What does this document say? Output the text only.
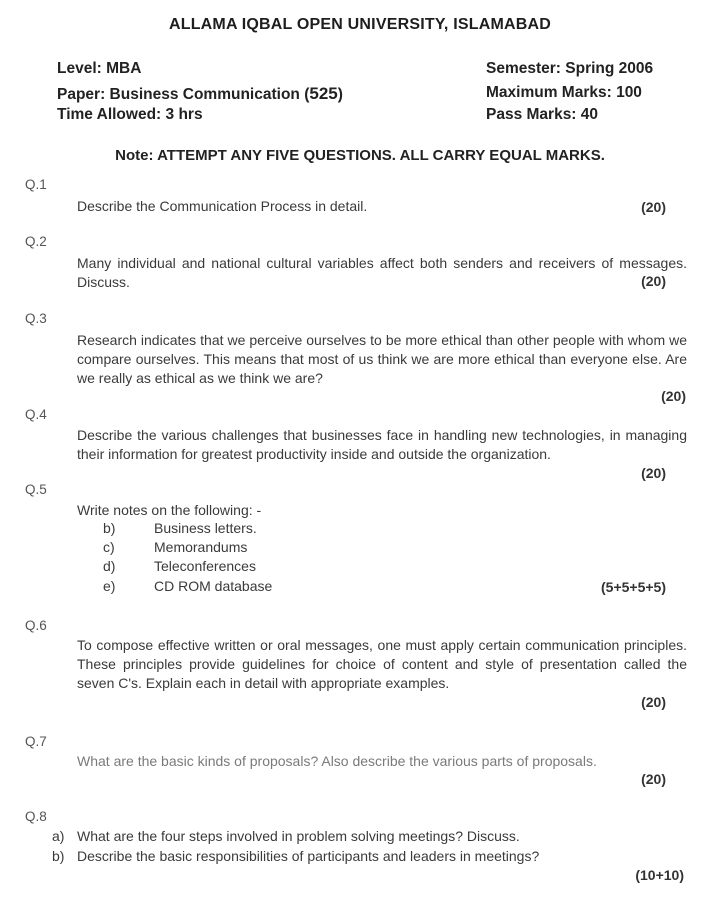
ALLAMA IQBAL OPEN UNIVERSITY, ISLAMABAD
Level: MBA
Paper: Business Communication (525)
Time Allowed: 3 hrs
Semester: Spring 2006
Maximum Marks: 100
Pass Marks: 40
Note: ATTEMPT ANY FIVE QUESTIONS. ALL CARRY EQUAL MARKS.
Q.1
Describe the Communication Process in detail.	(20)
Q.2
Many individual and national cultural variables affect both senders and receivers of messages. Discuss.	(20)
Q.3
Research indicates that we perceive ourselves to be more ethical than other people with whom we compare ourselves. This means that most of us think we are more ethical than everyone else. Are we really as ethical as we think we are?
(20)
Q.4
Describe the various challenges that businesses face in handling new technologies, in managing their information for greatest productivity inside and outside the organization.
(20)
Q.5
Write notes on the following: -
b)	Business letters.
c)	Memorandums
d)	Teleconferences
e)	CD ROM database	(5+5+5+5)
Q.6
To compose effective written or oral messages, one must apply certain communication principles. These principles provide guidelines for choice of content and style of presentation called the seven C's. Explain each in detail with appropriate examples.
(20)
Q.7
What are the basic kinds of proposals? Also describe the various parts of proposals.
(20)
Q.8
a) What are the four steps involved in problem solving meetings? Discuss.
b) Describe the basic responsibilities of participants and leaders in meetings?
(10+10)
